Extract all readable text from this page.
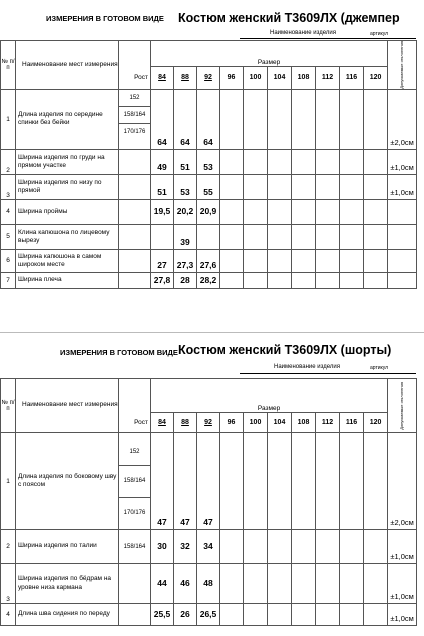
ИЗМЕРЕНИЯ В ГОТОВОМ ВИДЕ Костюм женский Т3609ЛХ (джемпер
Наименование изделия	артикул
№ п/п	Наименование мест измерения		Размер										Допускаемые отклонения

		Рост	84	88	92	96	100	104	108	112	116	120	
1	Длина изделия по середине спинки без бейки	152
158/164
170/176	64	64	64								±2,0см
2	Ширина изделия по груди на прямом участке		49	51	53								±1,0см
3	Ширина изделия по низу по прямой		51	53	55								±1,0см
4	Ширина проймы		19,5	20,2	20,9								
5	Клина капюшона по лицевому вырезу			39									
6	Ширина капюшона в самом широком месте		27	27,3	27,6								
7	Ширина плеча		27,8	28	28,2								
ИЗМЕРЕНИЯ В ГОТОВОМ ВИДЕ Костюм женский Т3609ЛХ (шорты)
Наименование изделия	артикул
№ п/п	Наименование мест измерения		Размер										Допускаемые отклонения

		Рост	84	88	92	96	100	104	108	112	116	120	
1	Длина изделия по боковому шву с поясом	152
158/164
170/176	47	47	47								±2,0см
2	Ширина изделия по талии	158/164	30	32	34								±1,0см
3	Ширина изделия по бёдрам на уровне низа кармана		44	46	48								±1,0см
4	Длина шва сидения по переду		25,5	26	26,5								±1,0см
